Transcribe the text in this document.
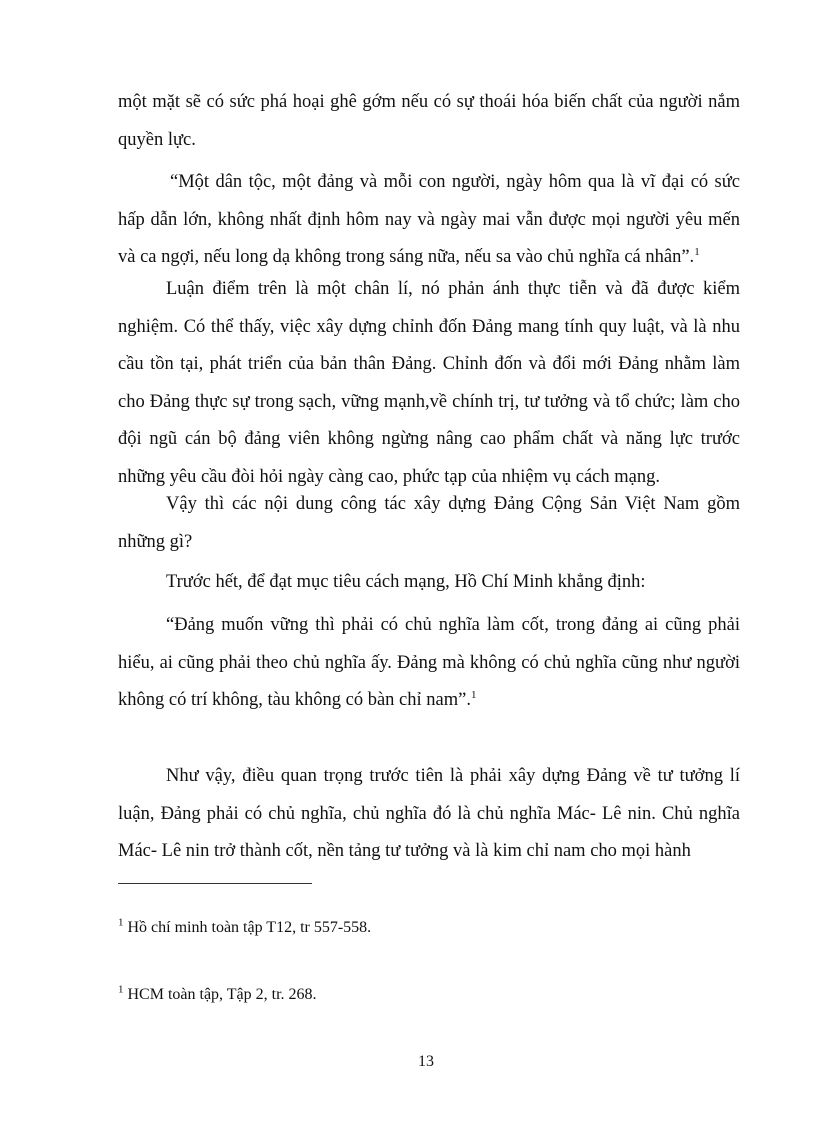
một mặt sẽ có sức phá hoại ghê gớm nếu có sự thoái hóa biến chất của người nắm quyền lực.
“Một dân tộc, một đảng và mỗi con người, ngày hôm qua là vĩ đại có sức hấp dẫn lớn, không nhất định hôm nay và ngày mai vẫn được mọi người yêu mến và ca ngợi, nếu long dạ không trong sáng nữa, nếu sa vào chủ nghĩa cá nhân”.$^1$
Luận điểm trên là một chân lí, nó phản ánh thực tiễn và đã được kiểm nghiệm. Có thể thấy, việc xây dựng chỉnh đốn Đảng mang tính quy luật, và là nhu cầu tồn tại, phát triển của bản thân Đảng. Chỉnh đốn và đổi mới Đảng nhằm làm cho Đảng thực sự trong sạch, vững mạnh,về chính trị, tư tưởng và tổ chức; làm cho đội ngũ cán bộ đảng viên không ngừng nâng cao phẩm chất và năng lực trước những yêu cầu đòi hỏi ngày càng cao, phức tạp của nhiệm vụ cách mạng.
Vậy thì các nội dung công tác xây dựng Đảng Cộng Sản Việt Nam gồm những gì?
Trước hết, để đạt mục tiêu cách mạng, Hồ Chí Minh khẳng định:
“Đảng muốn vững thì phải có chủ nghĩa làm cốt, trong đảng ai cũng phải hiểu, ai cũng phải theo chủ nghĩa ấy. Đảng mà không có chủ nghĩa cũng như người không có trí không, tàu không có bàn chỉ nam”.$^1$
Như vậy, điều quan trọng trước tiên là phải xây dựng Đảng về tư tưởng lí luận, Đảng phải có chủ nghĩa, chủ nghĩa đó là chủ nghĩa Mác- Lê nin. Chủ nghĩa Mác- Lê nin trở thành cốt, nền tảng tư tưởng và là kim chỉ nam cho mọi hành
$^1$ Hồ chí minh toàn tập T12, tr 557-558.
$^1$ HCM toàn tập, Tập 2, tr. 268.
13
